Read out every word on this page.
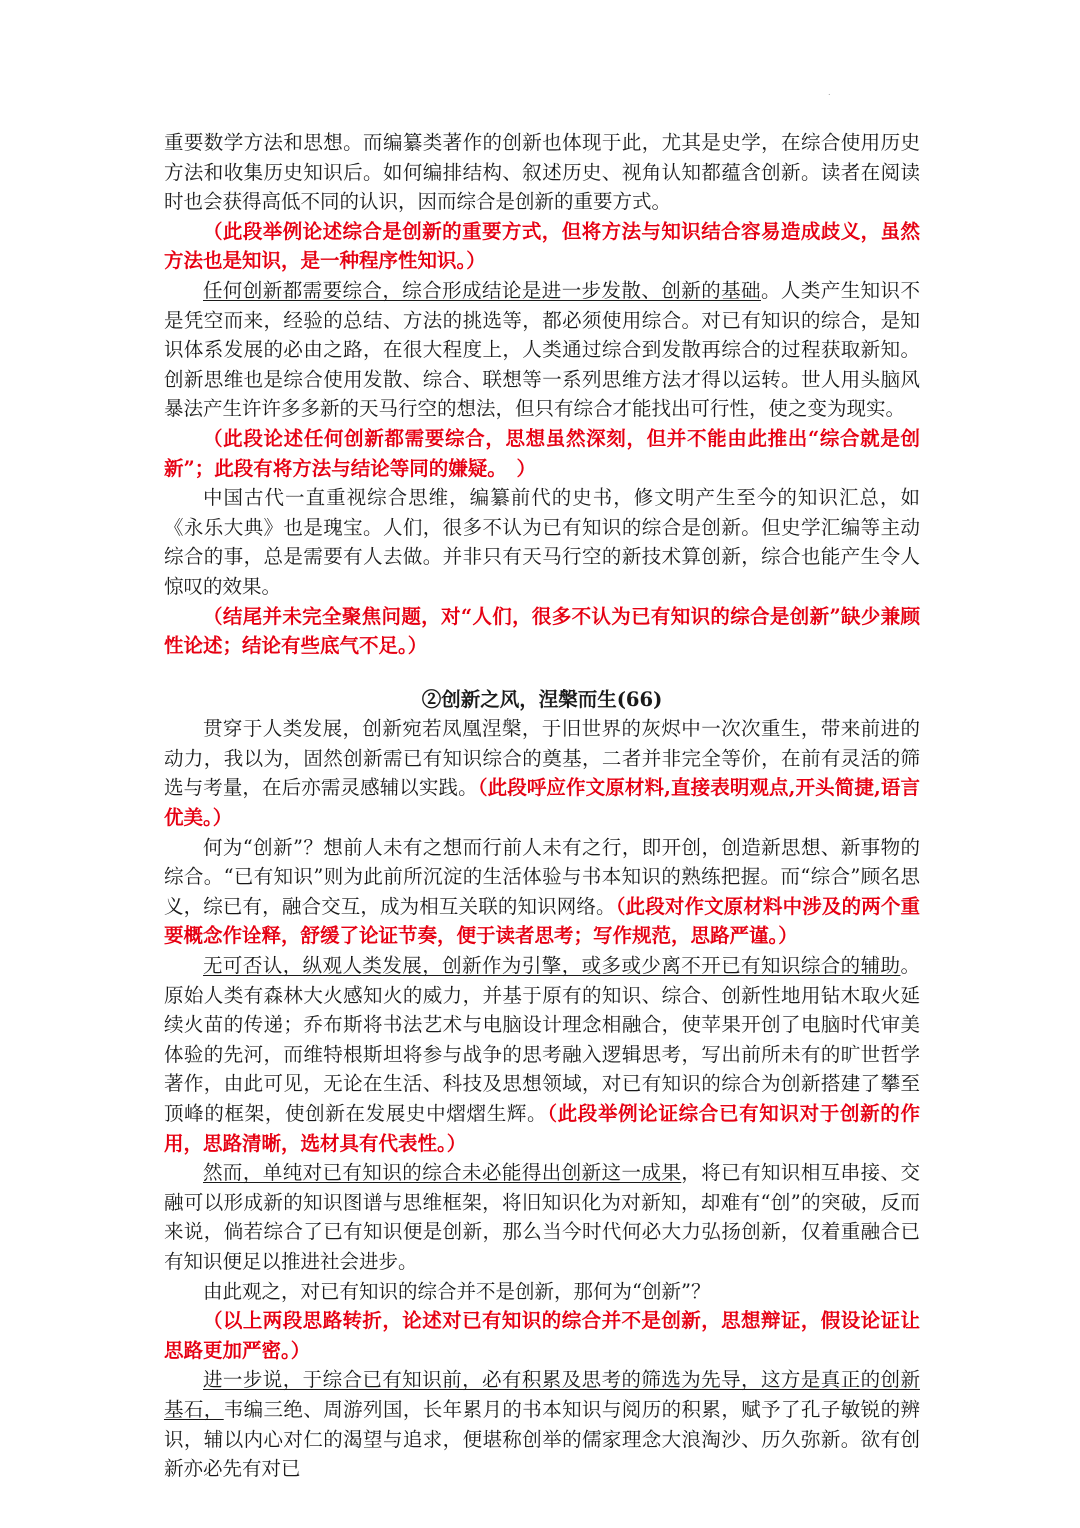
.

重要数学方法和思想。而编纂类著作的创新也体现于此，尤其是史学，在综合使用历史方法和收集历史知识后。如何编排结构、叙述历史、视角认知都蕴含创新。读者在阅读时也会获得高低不同的认识，因而综合是创新的重要方式。

（此段举例论述综合是创新的重要方式，但将方法与知识结合容易造成歧义，虽然方法也是知识，是一种程序性知识。）

任何创新都需要综合，综合形成结论是进一步发散、创新的基础。人类产生知识不是凭空而来，经验的总结、方法的挑选等，都必须使用综合。对已有知识的综合，是知识体系发展的必由之路，在很大程度上，人类通过综合到发散再综合的过程获取新知。创新思维也是综合使用发散、综合、联想等一系列思维方法才得以运转。世人用头脑风暴法产生许许多多新的天马行空的想法，但只有综合才能找出可行性，使之变为现实。

（此段论述任何创新都需要综合，思想虽然深刻，但并不能由此推出“综合就是创新”；此段有将方法与结论等同的嫌疑。　）

中国古代一直重视综合思维，编纂前代的史书，修文明产生至今的知识汇总，如《永乐大典》也是瑰宝。人们，很多不认为已有知识的综合是创新。但史学汇编等主动综合的事，总是需要有人去做。并非只有天马行空的新技术算创新，综合也能产生令人惊叹的效果。

（结尾并未完全聚焦问题，对“人们，很多不认为已有知识的综合是创新”缺少兼顾性论述；结论有些底气不足。）

②创新之风，涅槃而生(66)

贯穿于人类发展，创新宛若凤凰涅槃，于旧世界的灰烬中一次次重生，带来前进的动力，我以为，固然创新需已有知识综合的奠基，二者并非完全等价，在前有灵活的筛选与考量，在后亦需灵感辅以实践。（此段呼应作文原材料,直接表明观点,开头简捷,语言优美。）

何为“创新”？想前人未有之想而行前人未有之行，即开创，创造新思想、新事物的综合。“已有知识”则为此前所沉淀的生活体验与书本知识的熟练把握。而“综合”顾名思义，综已有，融合交互，成为相互关联的知识网络。（此段对作文原材料中涉及的两个重要概念作诠释，舒缓了论证节奏，便于读者思考；写作规范，思路严谨。）

无可否认，纵观人类发展，创新作为引擎，或多或少离不开已有知识综合的辅助。原始人类有森林大火感知火的威力，并基于原有的知识、综合、创新性地用钻木取火延续火苗的传递；乔布斯将书法艺术与电脑设计理念相融合，使苹果开创了电脑时代审美体验的先河，而维特根斯坦将参与战争的思考融入逻辑思考，写出前所未有的旷世哲学著作，由此可见，无论在生活、科技及思想领域，对已有知识的综合为创新搭建了攀至顶峰的框架，使创新在发展史中熠熠生辉。（此段举例论证综合已有知识对于创新的作用，思路清晰，选材具有代表性。）

然而，单纯对已有知识的综合未必能得出创新这一成果，将已有知识相互串接、交融可以形成新的知识图谱与思维框架，将旧知识化为对新知，却难有“创”的突破，反而来说，倘若综合了已有知识便是创新，那么当今时代何必大力弘扬创新，仅着重融合已有知识便足以推进社会进步。

由此观之，对已有知识的综合并不是创新，那何为“创新”？

（以上两段思路转折，论述对已有知识的综合并不是创新，思想辩证，假设论证让思路更加严密。）

进一步说，于综合已有知识前，必有积累及思考的筛选为先导，这方是真正的创新基石，韦编三绝、周游列国，长年累月的书本知识与阅历的积累，赋予了孔子敏锐的辨识，辅以内心对仁的渴望与追求，便堪称创举的儒家理念大浪淘沙、历久弥新。欲有创新亦必先有对已
